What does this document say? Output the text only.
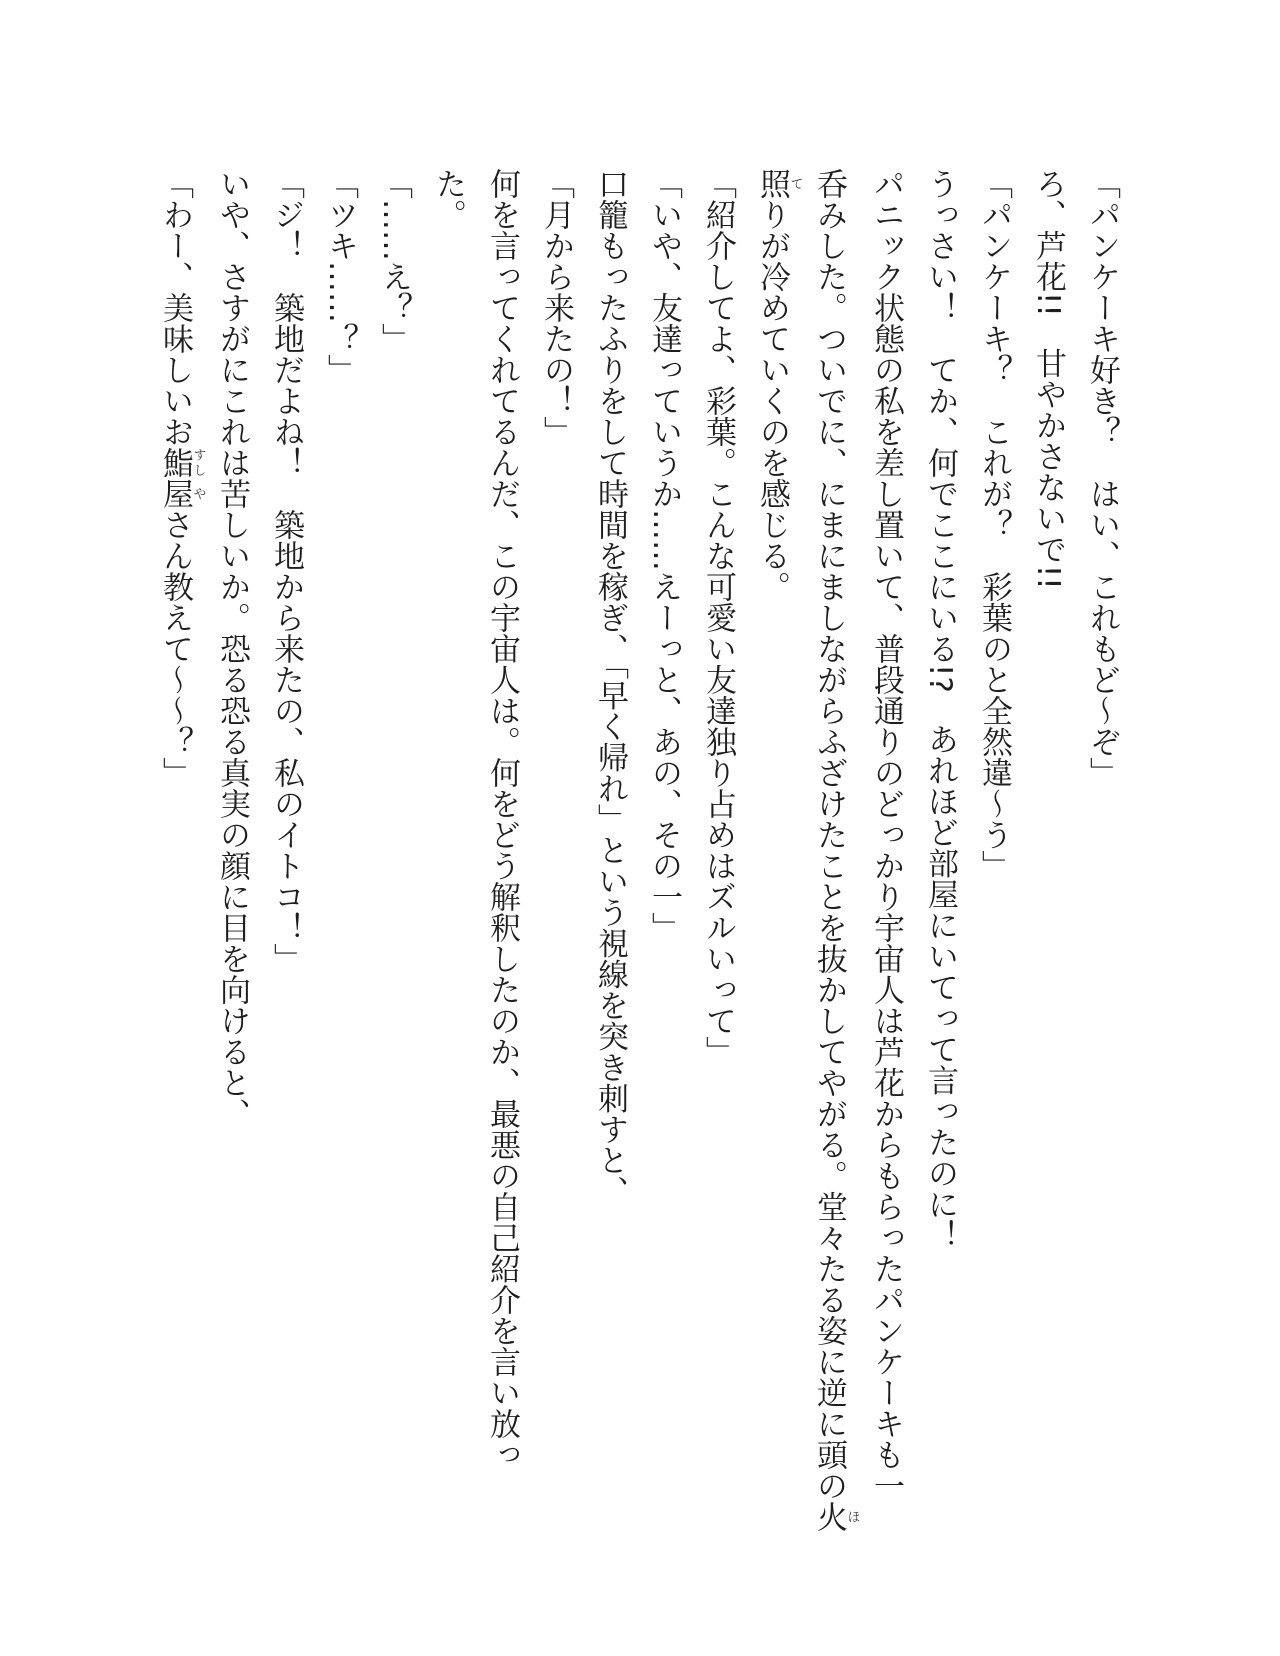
「パンケーキ好き？　はい、これもど〜ぞ」
ろ、芦花!!　甘やかさないで!!
「パンケーキ？　これが？　彩葉のと全然違〜う」
うっさい！　てか、何でここにいる!?　あれほど部屋にいてって言ったのに！
パニック状態の私を差し置いて、普段通りのどっかり宇宙人は芦花からもらったパンケーキも一
呑みした。ついでに、にまにましながらふざけたことを抜かしてやがる。堂々たる姿に逆に頭の火ほ
照てりが冷めていくのを感じる。
「紹介してよ、彩葉。こんな可愛い友達独り占めはズルいって」
「いや、友達っていうか……えーっと、あの、その一」
口籠もったふりをして時間を稼ぎ、「早く帰れ」という視線を突き刺すと、
「月から来たの！」
何を言ってくれてるんだ、この宇宙人は。何をどう解釈したのか、最悪の自己紹介を言い放っ
た。
「……え？」
「ツキ……？」
「ジ！　築地だよね！　築地から来たの、私のイトコ！」
いや、さすがにこれは苦しいか。恐る恐る真実の顔に目を向けると、
「わー、美味しいお鮨すし屋やさん教えて〜〜？」
